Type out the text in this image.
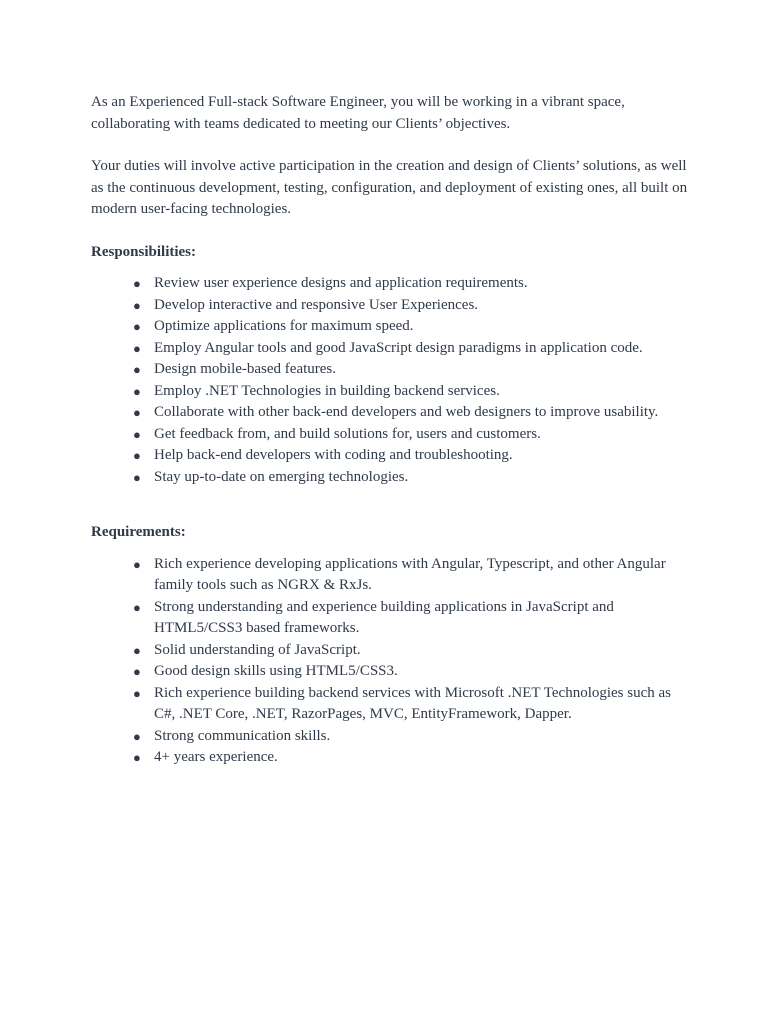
As an Experienced Full-stack Software Engineer, you will be working in a vibrant space, collaborating with teams dedicated to meeting our Clients’ objectives.

Your duties will involve active participation in the creation and design of Clients’ solutions, as well as the continuous development, testing, configuration, and deployment of existing ones, all built on modern user-facing technologies.

Responsibilities:

● Review user experience designs and application requirements.
● Develop interactive and responsive User Experiences.
● Optimize applications for maximum speed.
● Employ Angular tools and good JavaScript design paradigms in application code.
● Design mobile-based features.
● Employ .NET Technologies in building backend services.
● Collaborate with other back-end developers and web designers to improve usability.
● Get feedback from, and build solutions for, users and customers.
● Help back-end developers with coding and troubleshooting.
● Stay up-to-date on emerging technologies.

Requirements:

● Rich experience developing applications with Angular, Typescript, and other Angular family tools such as NGRX & RxJs.
● Strong understanding and experience building applications in JavaScript and HTML5/CSS3 based frameworks.
● Solid understanding of JavaScript.
● Good design skills using HTML5/CSS3.
● Rich experience building backend services with Microsoft .NET Technologies such as C#, .NET Core, .NET, RazorPages, MVC, EntityFramework, Dapper.
● Strong communication skills.
● 4+ years experience.
